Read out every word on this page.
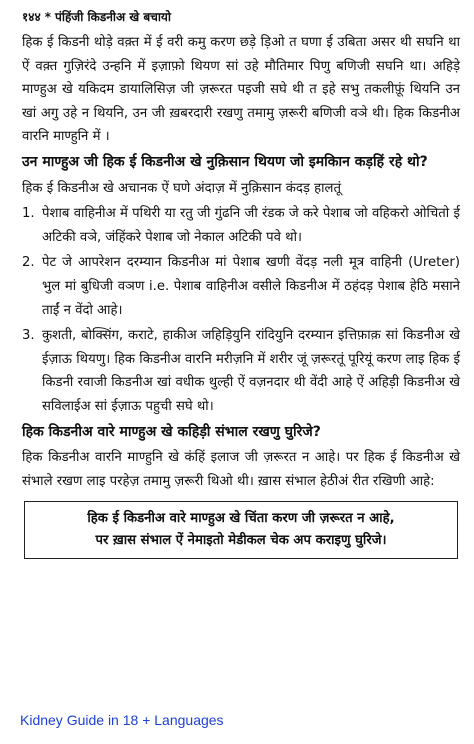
१४४ * पंहिंजी किडनीअ खे बचायो

हिक ई किडनी थोड़े वक़्त में ई वरी कमु करण छड़े ड़िओ त घणा ई उबिता असर थी सघनि था ऐं वक़्त गुज़िरंदे उन्हनि में इज़ाफ़ो थियण सां उहे मौतिमार पिणु बणिजी सघनि था। अहिड़े माण्हुअ खे यकिदम डायालिसिज़ जी ज़रूरत पइजी सघे थी त इहे सभु तकलीफ़ूं थियनि उन खां अगु उहे न थियनि, उन जी ख़बरदारी रखणु तमामु ज़रूरी बणिजी वञे थी। हिक किडनीअ वारनि माण्हुनि में ।

उन माण्हुअ जी हिक ई किडनीअ खे नुक़िसान थियण जो इमकिान कड़हिं रहे थो?

हिक ई किडनीअ खे अचानक ऐं घणे अंदाज़ में नुक़िसान कंदड़ हालतूं

1. पेशाब वाहिनीअ में पथिरी या रतु जी गुंढनि जी रंडक जे करे पेशाब जो वहिकरो ओचितो ई अटिकी वञे, जंहिंकरे पेशाब जो नेकाल अटिकी पवे थो।
2. पेट जे आपरेशन दरम्यान किडनीअ मां पेशाब खणी वेंदड़ नली मूत्र वाहिनी (Ureter) भुल मां बुधिजी वञण i.e. पेशाब वाहिनीअ वसीले किडनीअ में ठहंदड़ पेशाब हेठि मसाने ताईं न वेंदो आहे।
3. कुशती, बोक्सिंग, कराटे, हाकीअ जहिड़ियुनि रांदियुनि दरम्यान इत्तिफ़ाक़ सां किडनीअ खे ईज़ाऊ थियणु। हिक किडनीअ वारनि मरीज़नि में शरीर जूं ज़रूरतूं पूरियूं करण लाइ हिक ई किडनी रवाजी किडनीअ खां वधीक थुल्ही ऐं वज़नदार थी वेंदी आहे ऐं अहिड़ी किडनीअ खे सविलाईअ सां ईज़ाऊ पहुची सघे थो।

हिक किडनीअ वारे माण्हुअ खे कहिड़ी संभाल रखणु घुरिजे?

हिक किडनीअ वारनि माण्हुनि खे कंहिं इलाज जी ज़रूरत न आहे। पर हिक ई किडनीअ खे संभाले रखण लाइ परहेज़ तमामु ज़रूरी थिओ थी। ख़ास संभाल हेठीअं रीत रखिणी आहे:

हिक ई किडनीअ वारे माण्हुअ खे चिंता करण जी ज़रूरत न आहे,
पर ख़ास संभाल ऐं नेमाइतो मेडीकल चेक अप कराइणु घुरिजे।
Kidney Guide in 18 + Languages
